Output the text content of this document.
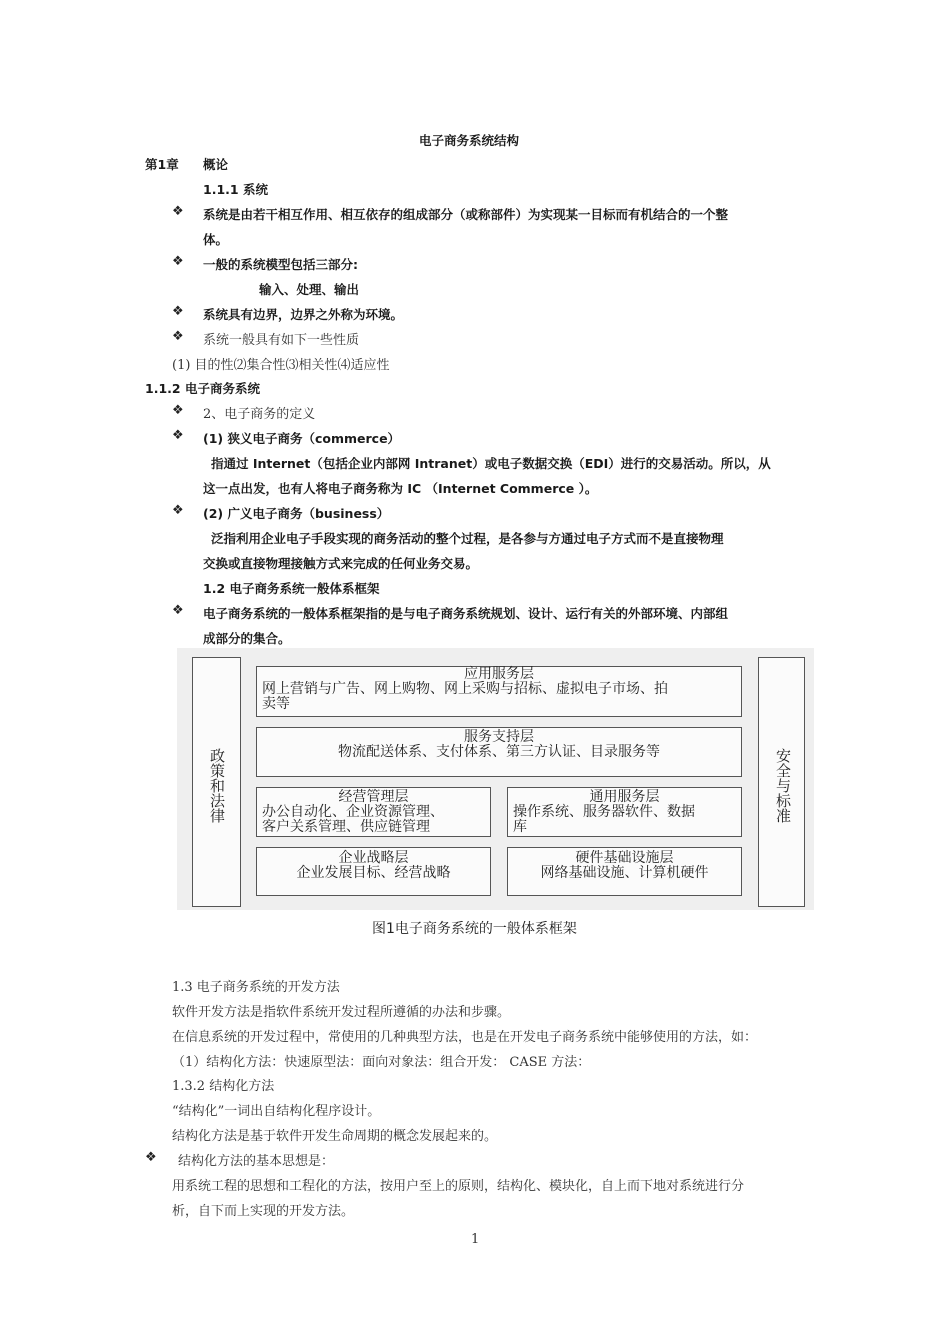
电子商务系统结构
第1章 概论
1.1.1 系统
❖ 系统是由若干相互作用、相互依存的组成部分（或称部件）为实现某一目标而有机结合的一个整
体。
❖ 一般的系统模型包括三部分:
输入、处理、输出
❖ 系统具有边界，边界之外称为环境。
❖ 系统一般具有如下一些性质
(1) 目的性⑵集合性⑶相关性⑷适应性
1.1.2 电子商务系统
❖ 2、电子商务的定义
❖ (1) 狭义电子商务（commerce）
指通过 Internet（包括企业内部网 Intranet）或电子数据交换（EDI）进行的交易活动。所以，从
这一点出发，也有人将电子商务称为 IC （Internet Commerce ）。
❖ (2) 广义电子商务（business）
泛指利用企业电子手段实现的商务活动的整个过程，是各参与方通过电子方式而不是直接物理
交换或直接物理接触方式来完成的任何业务交易。
1.2 电子商务系统一般体系框架
❖ 电子商务系统的一般体系框架指的是与电子商务系统规划、设计、运行有关的外部环境、内部组
成部分的集合。
政策和法律	安全与标准
应用服务层
网上营销与广告、网上购物、网上采购与招标、虚拟电子市场、拍
卖等
服务支持层
物流配送体系、支付体系、第三方认证、目录服务等
经营管理层
办公自动化、企业资源管理、
客户关系管理、供应链管理
通用服务层
操作系统、服务器软件、数据
库
企业战略层
企业发展目标、经营战略
硬件基础设施层
网络基础设施、计算机硬件
图1电子商务系统的一般体系框架
1.3 电子商务系统的开发方法
软件开发方法是指软件系统开发过程所遵循的办法和步骤。
在信息系统的开发过程中，常使用的几种典型方法，也是在开发电子商务系统中能够使用的方法，如：
（1）结构化方法：快速原型法：面向对象法：组合开发： CASE 方法：
1.3.2 结构化方法
“结构化”一词出自结构化程序设计。
结构化方法是基于软件开发生命周期的概念发展起来的。
❖ 结构化方法的基本思想是：
用系统工程的思想和工程化的方法，按用户至上的原则，结构化、模块化，自上而下地对系统进行分
析，自下而上实现的开发方法。
1
